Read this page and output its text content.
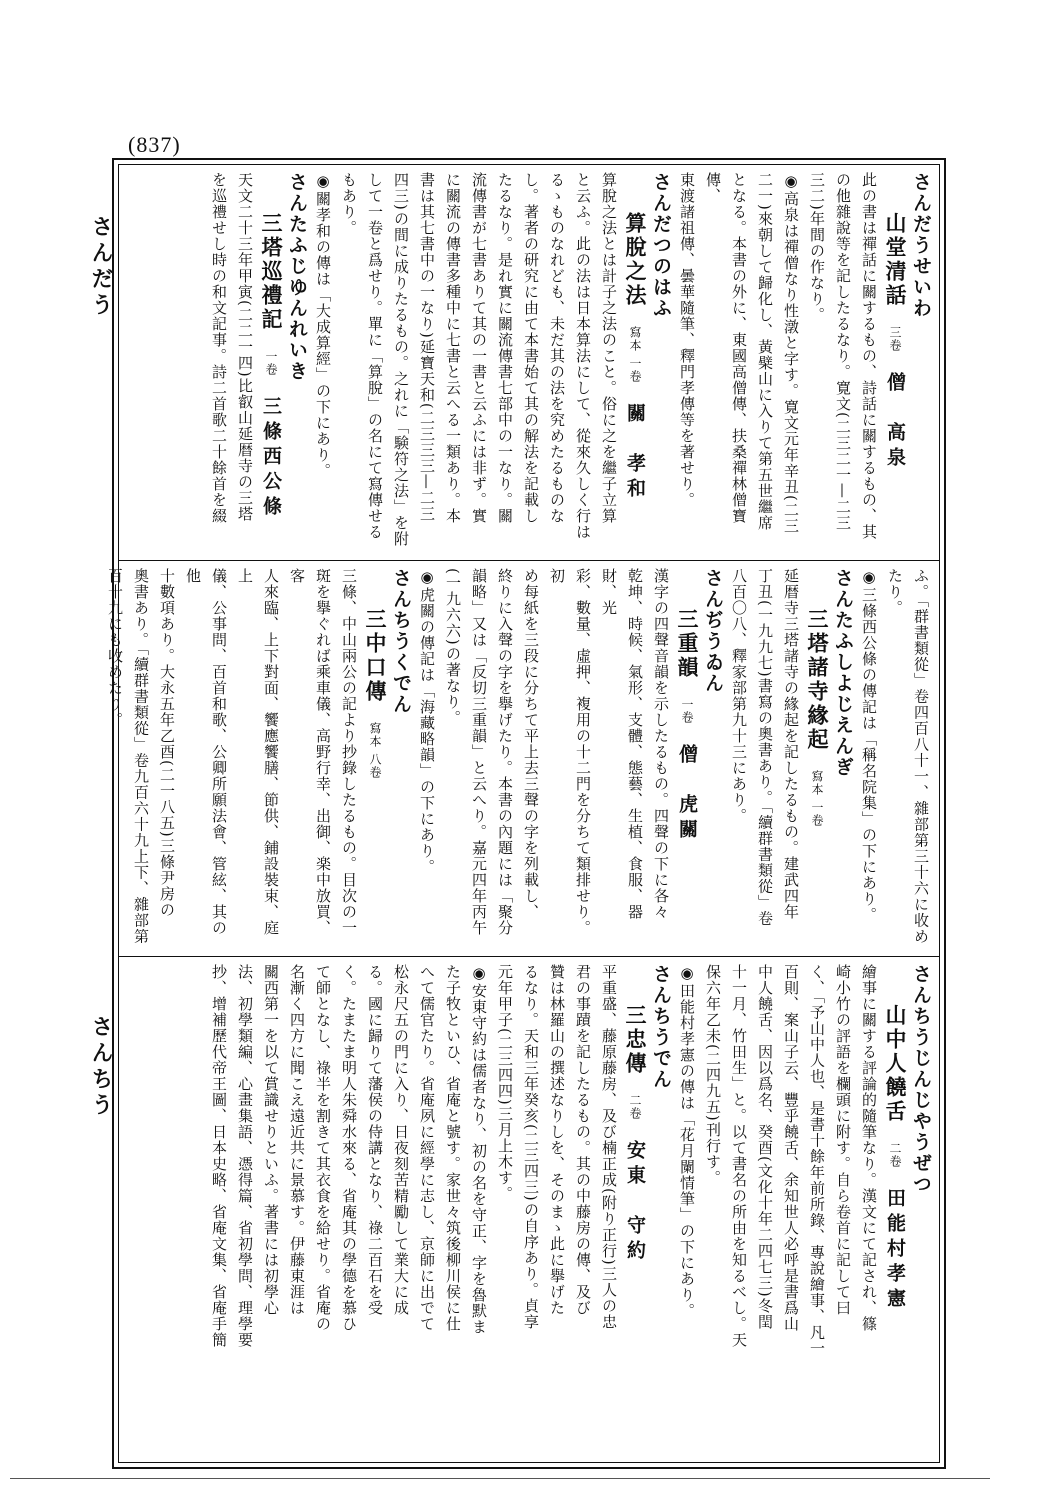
(837)
さんだう
さんちう
さんだうせいわ
山堂清話三卷僧　高泉
此の書は禪話に關するもの、詩話に關するもの、其
の他雜說等を記したるなり。寛文(二三二一—二三
三二)年間の作なり。
◉高泉は禪僧なり性潡と字す。寛文元年辛丑(二三
二一)來朝して歸化し、黃檗山に入りて第五世繼席
となる。本書の外に、東國高僧傳、扶桑禪林僧寶傳、
東渡諸祖傳、曇華隨筆、釋門孝傳等を著せり。
さんだつのはふ
算脫之法寫本 一卷關　孝和
算脫之法とは計子之法のこと。俗に之を繼子立算
と云ふ。此の法は日本算法にして、從來久しく行は
るゝものなれども、未だ其の法を究めたるものな
し。著者の研究に由て本書始て其の解法を記載し
たるなり。是れ實に關流傳書七部中の一なり。關
流傳書が七書ありて其の一書と云ふには非ず。實
に關流の傳書多種中に七書と云へる一類あり。本
書は其七書中の一なり)延寶天和(二三三三—二三
四三)の間に成りたるもの。之れに「験符之法」を附
して一卷と爲せり。單に「算脫」の名にて寫傳せる
もあり。
◉關孝和の傳は「大成算經」の下にあり。
さんたふじゆんれいき
三塔巡禮記一卷三條西公條
天文二十三年甲寅(二二一四)比叡山延暦寺の三塔
を巡禮せし時の和文記事。詩二首歌二十餘首を綴
ふ。「群書類從」卷四百八十一、雜部第三十六に收め
たり。
◉三條西公條の傳記は「稱名院集」の下にあり。
さんたふしよじえんぎ
三塔諸寺緣起寫本 一卷
延暦寺三塔諸寺の緣起を記したるもの。建武四年
丁丑(一九九七)書寫の奧書あり。「續群書類從」卷
八百〇八、釋家部第九十三にあり。
さんぢうゐん
三重韻一卷僧　虎關
漢字の四聲音韻を示したるもの。四聲の下に各々
乾坤、時候、氣形、支體、態藝、生植、食服、器財、光
彩、數量、虛押、複用の十二門を分ちて類排せり。初
め每紙を三段に分ちて平上去三聲の字を列載し、
終りに入聲の字を擧げたり。本書の內題には「聚分
韻略」又は「反切三重韻」と云へり。嘉元四年丙午
(一九六六)の著なり。
◉虎關の傳記は「海藏略韻」の下にあり。
さんちうくでん
三中口傳寫本 八卷
三條、中山兩公の記より抄錄したるもの。目次の一
斑を擧ぐれば乘車儀、高野行幸、出御、楽中放買、客
人來臨、上下對面、饗應饗膳、節供、鋪設裝束、庭上
儀、公事問、百首和歌、公卿所願法會、管絃、其の他
十數項あり。大永五年乙酉(二一八五)三條尹房の
奧書あり。「續群書類從」卷九百六十九上下、雜部第
百十九にも收めたり。
さんちうじんじやうぜつ
山中人饒舌二卷田能村孝憲
繪事に關する評論的隨筆なり。漢文にて記され、篠
崎小竹の評語を欄頭に附す。自ら卷首に記して曰
く、「予山中人也、是書十餘年前所錄、專說繪事、凡一
百則、案山子云、豐乎饒舌、余知世人必呼是書爲山
中人饒舌、因以爲名、癸酉(文化十年二四七三)冬閏
十一月、竹田生」と。以て書名の所由を知るべし。天
保六年乙未(二四九五)刊行す。
◉田能村孝憲の傳は「花月闌情筆」の下にあり。
さんちうでん
三忠傳二卷安東　守約
平重盛、藤原藤房、及び楠正成(附り正行)三人の忠
君の事蹟を記したるもの。其の中藤房の傳、及び
贊は林羅山の撰述なりしを、そのまゝ此に擧げた
るなり。天和三年癸亥(二三四三)の自序あり。貞享
元年甲子(二三四四)三月上木す。
◉安東守約は儒者なり、初の名を守正、字を魯默ま
た子牧といひ、省庵と號す。家世々筑後柳川侯に仕
へて儒官たり。省庵夙に經學に志し、京師に出でて
松永尺五の門に入り、日夜刻苦精勵して業大に成
る。國に歸りて藩侯の侍講となり、祿二百石を受
く。たまたま明人朱舜水來る、省庵其の學德を慕ひ
て師となし、祿半を割きて其衣食を給せり。省庵の
名漸く四方に聞こえ遠近共に景慕す。伊藤東涯は
關西第一を以て賞識せりといふ。著書には初學心
法、初學類編、心畫集語、憑得篇、省初學問、理學要
抄、增補歷代帝王圖、日本史略、省庵文集、省庵手簡
